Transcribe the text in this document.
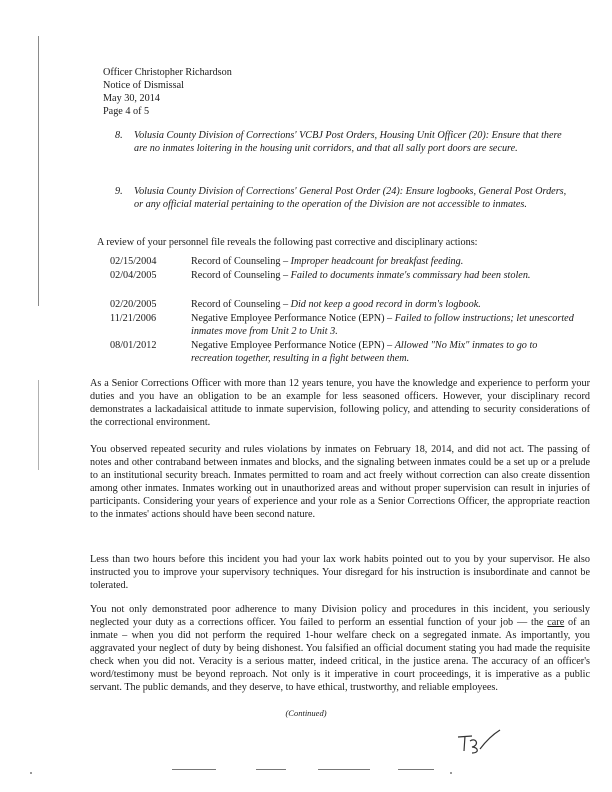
Officer Christopher Richardson
Notice of Dismissal
May 30, 2014
Page 4 of 5
8. Volusia County Division of Corrections' VCBJ Post Orders, Housing Unit Officer (20): Ensure that there are no inmates loitering in the housing unit corridors, and that all sally port doors are secure.
9. Volusia County Division of Corrections' General Post Order (24): Ensure logbooks, General Post Orders, or any official material pertaining to the operation of the Division are not accessible to inmates.
A review of your personnel file reveals the following past corrective and disciplinary actions:
02/15/2004	Record of Counseling – Improper headcount for breakfast feeding.
02/04/2005	Record of Counseling – Failed to documents inmate's commissary had been stolen.
02/20/2005	Record of Counseling – Did not keep a good record in dorm's logbook.
11/21/2006	Negative Employee Performance Notice (EPN) – Failed to follow instructions; let unescorted inmates move from Unit 2 to Unit 3.
08/01/2012	Negative Employee Performance Notice (EPN) – Allowed "No Mix" inmates to go to recreation together, resulting in a fight between them.
As a Senior Corrections Officer with more than 12 years tenure, you have the knowledge and experience to perform your duties and you have an obligation to be an example for less seasoned officers. However, your disciplinary record demonstrates a lackadaisical attitude to inmate supervision, following policy, and attending to security considerations of the correctional environment.
You observed repeated security and rules violations by inmates on February 18, 2014, and did not act. The passing of notes and other contraband between inmates and blocks, and the signaling between inmates could be a set up or a prelude to an institutional security breach. Inmates permitted to roam and act freely without correction can also create dissention among other inmates. Inmates working out in unauthorized areas and without proper supervision can result in injuries of participants. Considering your years of experience and your role as a Senior Corrections Officer, the appropriate reaction to the inmates' actions should have been second nature.
Less than two hours before this incident you had your lax work habits pointed out to you by your supervisor. He also instructed you to improve your supervisory techniques. Your disregard for his instruction is insubordinate and cannot be tolerated.
You not only demonstrated poor adherence to many Division policy and procedures in this incident, you seriously neglected your duty as a corrections officer. You failed to perform an essential function of your job — the care of an inmate – when you did not perform the required 1-hour welfare check on a segregated inmate. As importantly, you aggravated your neglect of duty by being dishonest. You falsified an official document stating you had made the requisite check when you did not. Veracity is a serious matter, indeed critical, in the justice arena. The accuracy of an officer's word/testimony must be beyond reproach. Not only is it imperative in court proceedings, it is imperative as a public servant. The public demands, and they deserve, to have ethical, trustworthy, and reliable employees.
(Continued)
